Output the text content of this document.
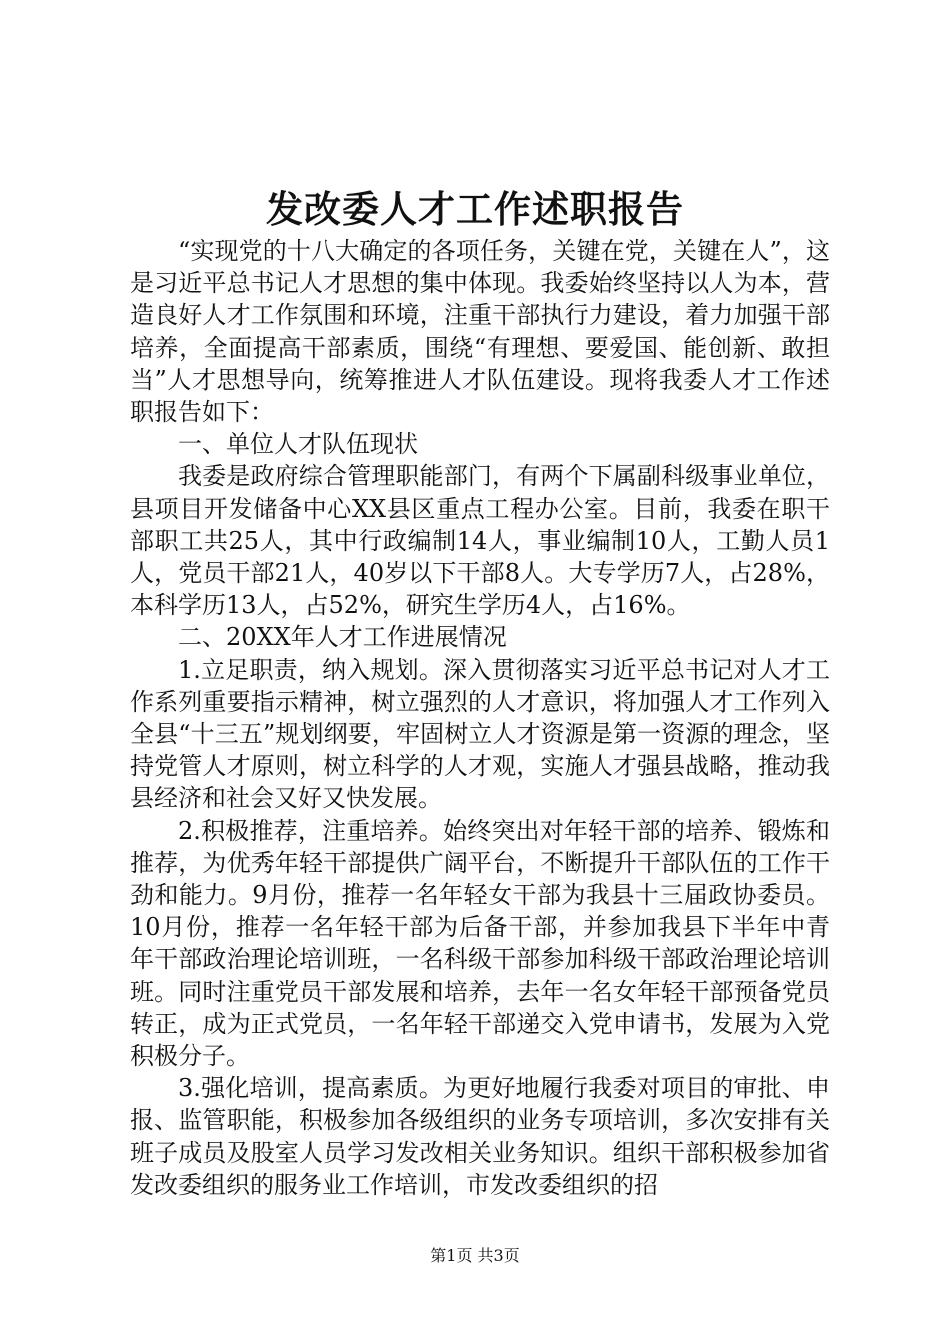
发改委人才工作述职报告

“实现党的十八大确定的各项任务，关键在党，关键在人”，这是习近平总书记人才思想的集中体现。我委始终坚持以人为本，营造良好人才工作氛围和环境，注重干部执行力建设，着力加强干部培养，全面提高干部素质，围绕“有理想、要爱国、能创新、敢担当”人才思想导向，统筹推进人才队伍建设。现将我委人才工作述职报告如下：

一、单位人才队伍现状

我委是政府综合管理职能部门，有两个下属副科级事业单位，县项目开发储备中心XX县区重点工程办公室。目前，我委在职干部职工共25人，其中行政编制14人，事业编制10人，工勤人员1人，党员干部21人，40岁以下干部8人。大专学历7人，占28%，本科学历13人，占52%，研究生学历4人，占16%。

二、20XX年人才工作进展情况

1.立足职责，纳入规划。深入贯彻落实习近平总书记对人才工作系列重要指示精神，树立强烈的人才意识，将加强人才工作列入全县“十三五”规划纲要，牢固树立人才资源是第一资源的理念，坚持党管人才原则，树立科学的人才观，实施人才强县战略，推动我县经济和社会又好又快发展。

2.积极推荐，注重培养。始终突出对年轻干部的培养、锻炼和推荐，为优秀年轻干部提供广阔平台，不断提升干部队伍的工作干劲和能力。9月份，推荐一名年轻女干部为我县十三届政协委员。10月份，推荐一名年轻干部为后备干部，并参加我县下半年中青年干部政治理论培训班，一名科级干部参加科级干部政治理论培训班。同时注重党员干部发展和培养，去年一名女年轻干部预备党员转正，成为正式党员，一名年轻干部递交入党申请书，发展为入党积极分子。

3.强化培训，提高素质。为更好地履行我委对项目的审批、申报、监管职能，积极参加各级组织的业务专项培训，多次安排有关班子成员及股室人员学习发改相关业务知识。组织干部积极参加省发改委组织的服务业工作培训，市发改委组织的招

第1页 共3页
